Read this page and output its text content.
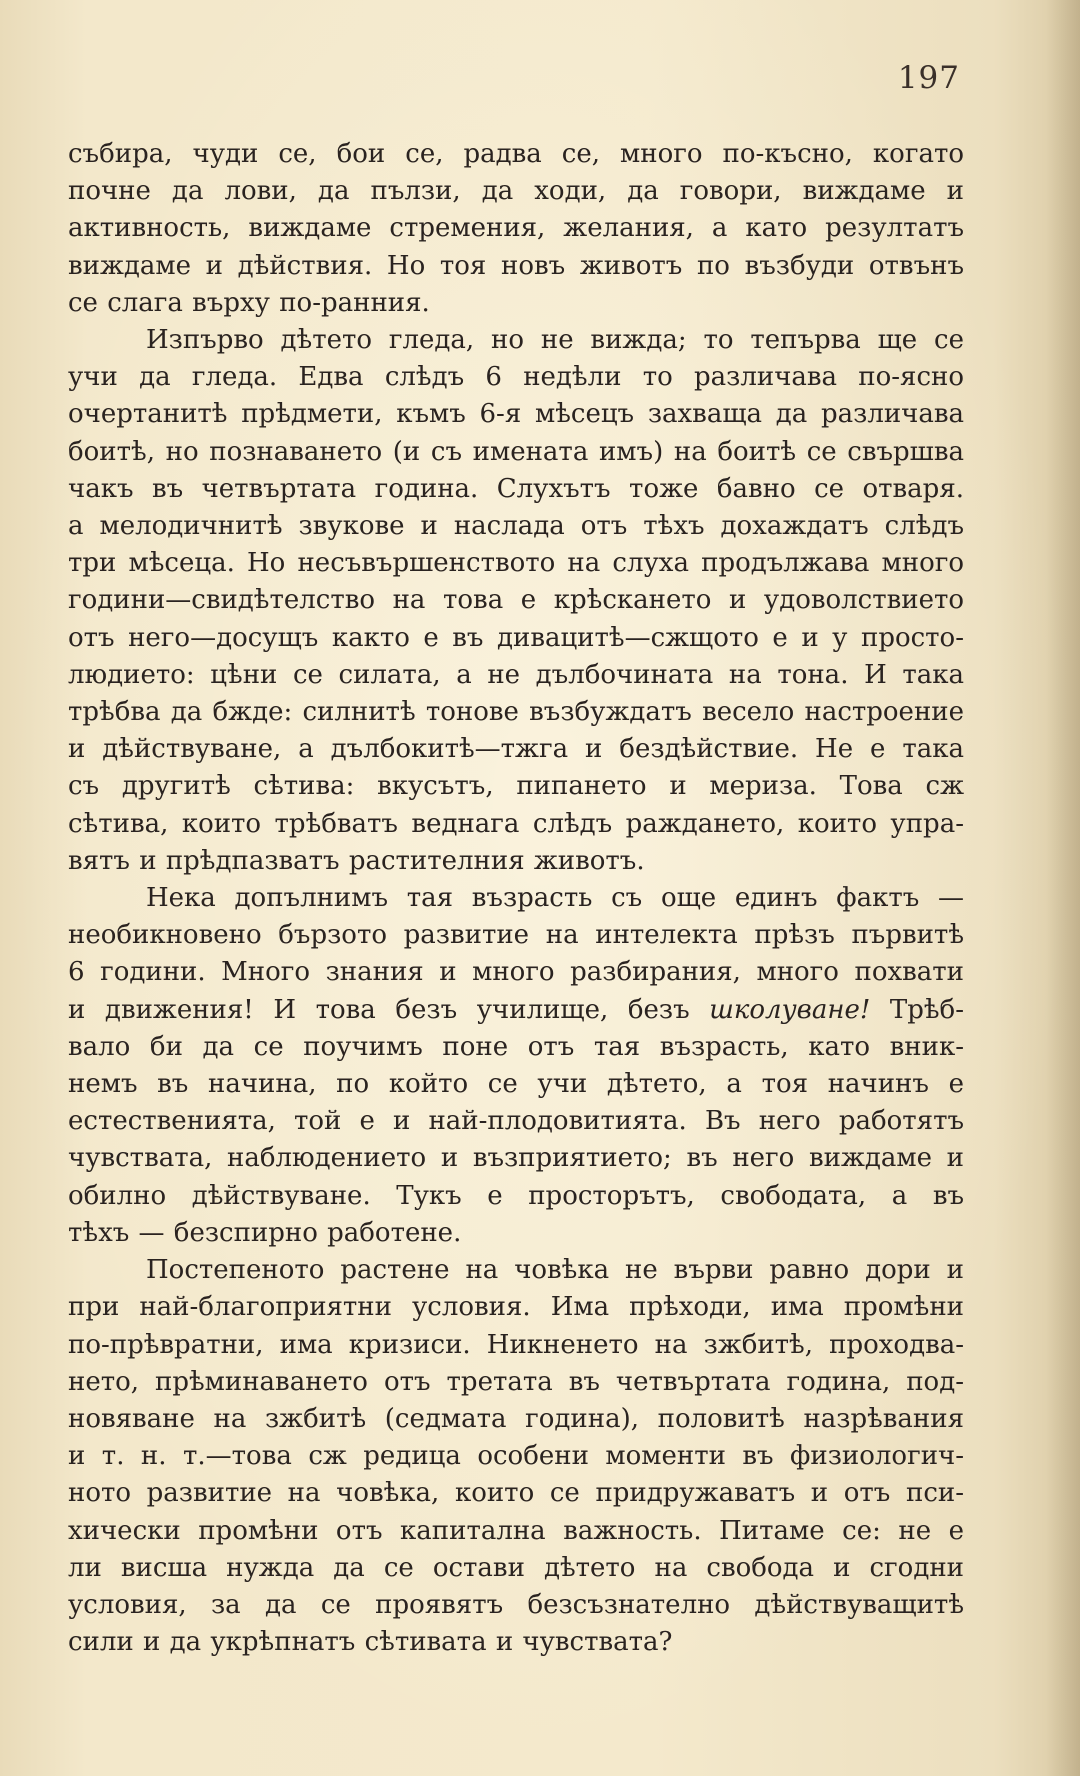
197

събира, чуди се, бои се, радва се, много по-късно, когато
почне да лови, да пълзи, да ходи, да говори, виждаме и
активность, виждаме стремения, желания, а като резултатъ
виждаме и дѣйствия. Но тоя новъ животъ по възбуди отвънъ
се слага върху по-ранния.

Изпърво дѣтето гледа, но не вижда; то тепърва ще се
учи да гледа. Едва слѣдъ 6 недѣли то различава по-ясно
очертанитѣ прѣдмети, къмъ 6-я мѣсецъ захваща да различава
боитѣ, но познаването (и съ имената имъ) на боитѣ се свършва
чакъ въ четвъртата година. Слухътъ тоже бавно се отваря.
а мелодичнитѣ звукове и наслада отъ тѣхъ дохаждатъ слѣдъ
три мѣсеца. Но несъвършенството на слуха продължава много
години—свидѣтелство на това е крѣскането и удоволствието
отъ него—досущъ както е въ дивацитѣ—сжщото е и у просто-
людието: цѣни се силата, а не дълбочината на тона. И така
трѣбва да бжде: силнитѣ тонове възбуждатъ весело настроение
и дѣйствуване, а дълбокитѣ—тжга и бездѣйствие. Не е така
съ другитѣ сѣтива: вкусътъ, пипането и мериза. Това сж
сѣтива, които трѣбватъ веднага слѣдъ раждането, които упра-
вятъ и прѣдпазватъ растителния животъ.

Нека допълнимъ тая възрасть съ още единъ фактъ —
необикновено бързото развитие на интелекта прѣзъ първитѣ
6 години. Много знания и много разбирания, много похвати
и движения! И това безъ училище, безъ школуване! Трѣб-
вало би да се поучимъ поне отъ тая възрасть, като вник-
немъ въ начина, по който се учи дѣтето, а тоя начинъ е
естественията, той е и най-плодовитията. Въ него работятъ
чувствата, наблюдението и възприятието; въ него виждаме и
обилно дѣйствуване. Тукъ е просторътъ, свободата, а въ
тѣхъ — безспирно работене.

Постепеното растене на човѣка не върви равно дори и
при най-благоприятни условия. Има прѣходи, има промѣни
по-прѣвратни, има кризиси. Никненето на зжбитѣ, проходва-
нето, прѣминаването отъ третата въ четвъртата година, под-
новяване на зжбитѣ (седмата година), половитѣ назрѣвания
и т. н. т.—това сж редица особени моменти въ физиологич-
ното развитие на човѣка, които се придружаватъ и отъ пси-
хически промѣни отъ капитална важность. Питаме се: не е
ли висша нужда да се остави дѣтето на свобода и сгодни
условия, за да се проявятъ безсъзнателно дѣйствуващитѣ
сили и да укрѣпнатъ сѣтивата и чувствата?
